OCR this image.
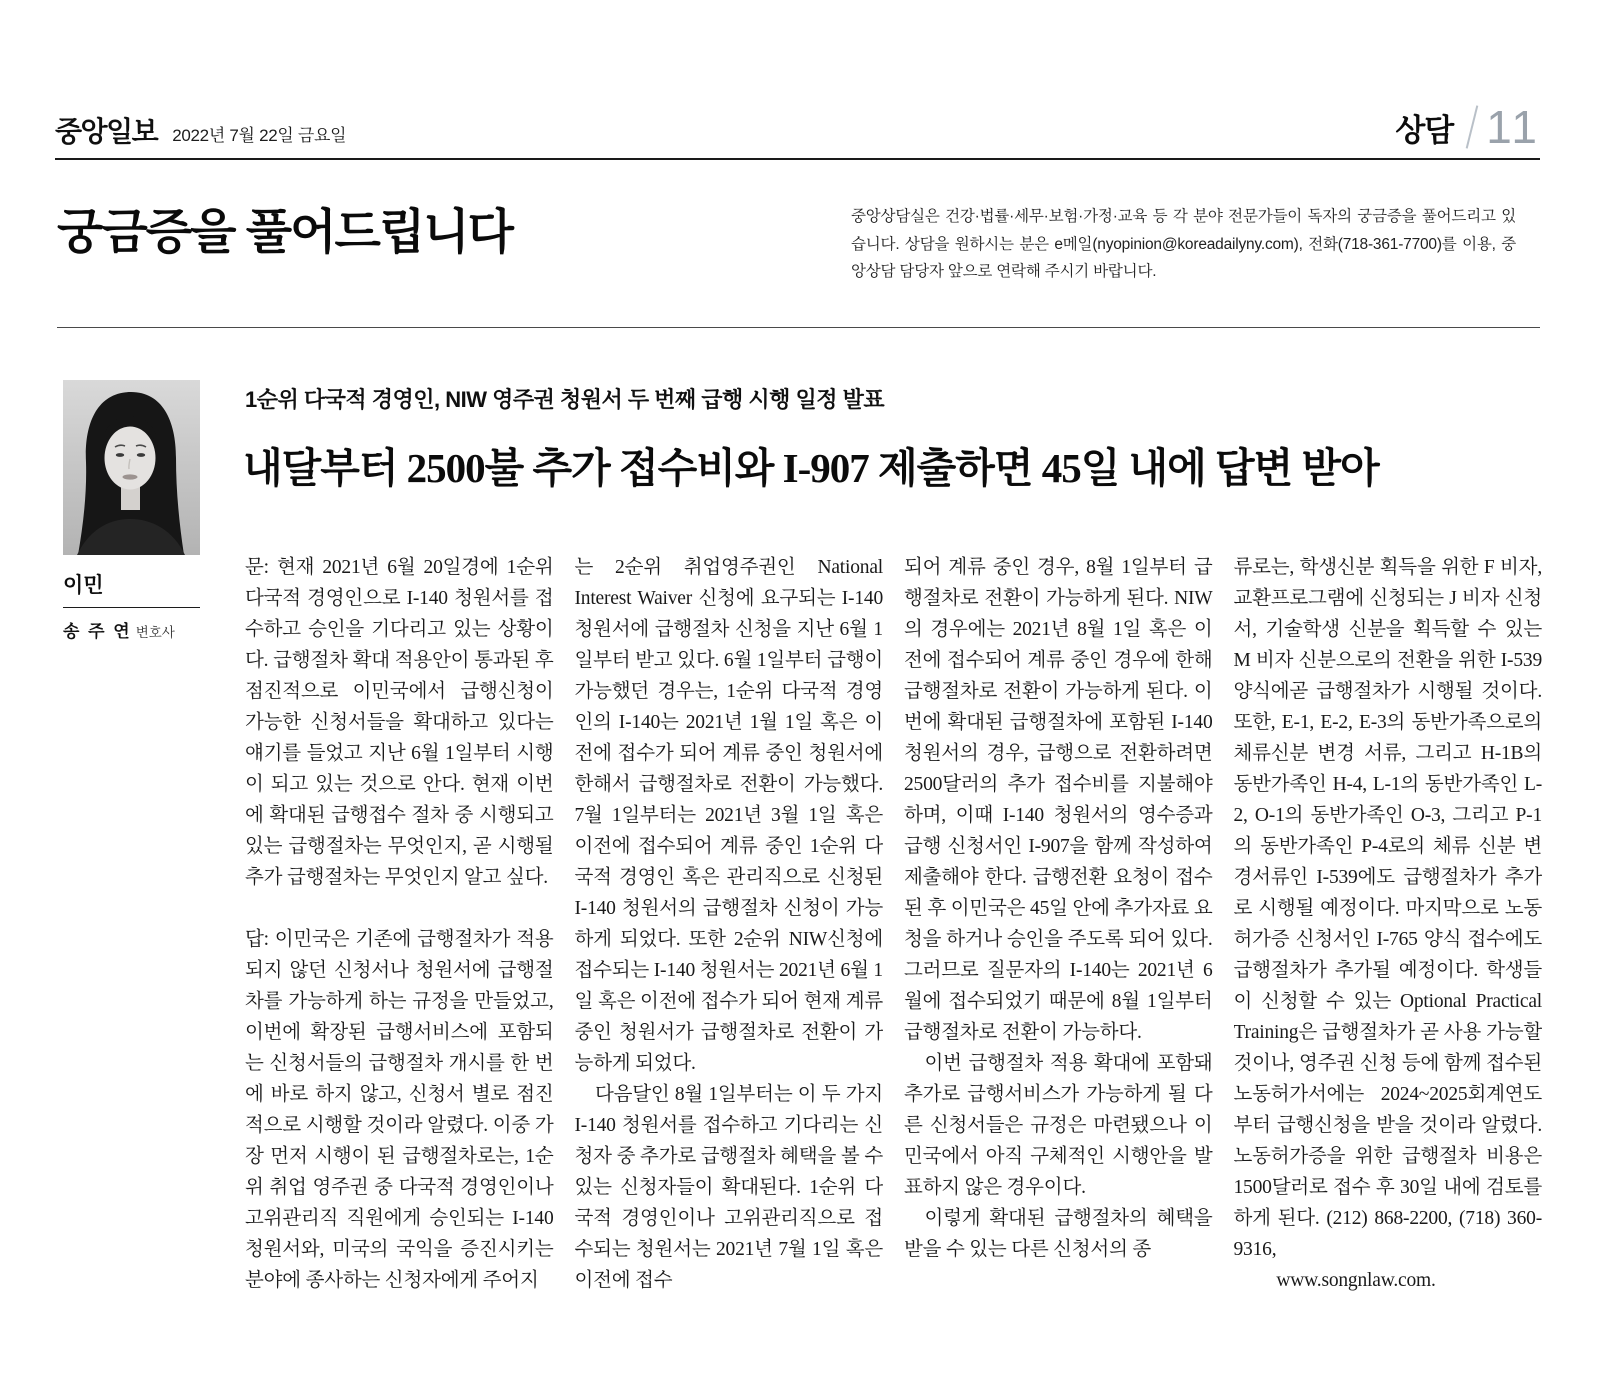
중앙일보 2022년 7월 22일 금요일	상담 11
궁금증을 풀어드립니다	중앙상담실은 건강·법률·세무·보험·가정·교육 등 각 분야 전문가들이 독자의 궁금증을 풀어드리고 있습니다. 상담을 원하시는 분은 e메일(nyopinion@koreadailyny.com), 전화(718-361-7700)를 이용, 중앙상담 담당자 앞으로 연락해 주시기 바랍니다.

이민
송 주 연 변호사

1순위 다국적 경영인, NIW 영주권 청원서 두 번째 급행 시행 일정 발표

내달부터 2500불 추가 접수비와 I-907 제출하면 45일 내에 답변 받아

문: 현재 2021년 6월 20일경에 1순위 다국적 경영인으로 I-140 청원서를 접수하고 승인을 기다리고 있는 상황이다. 급행절차 확대 적용안이 통과된 후 점진적으로 이민국에서 급행신청이 가능한 신청서들을 확대하고 있다는 얘기를 들었고 지난 6월 1일부터 시행이 되고 있는 것으로 안다. 현재 이번에 확대된 급행접수 절차 중 시행되고 있는 급행절차는 무엇인지, 곧 시행될 추가 급행절차는 무엇인지 알고 싶다.

답: 이민국은 기존에 급행절차가 적용되지 않던 신청서나 청원서에 급행절차를 가능하게 하는 규정을 만들었고, 이번에 확장된 급행서비스에 포함되는 신청서들의 급행절차 개시를 한 번에 바로 하지 않고, 신청서 별로 점진적으로 시행할 것이라 알렸다. 이중 가장 먼저 시행이 된 급행절차로는, 1순위 취업 영주권 중 다국적 경영인이나 고위관리직 직원에게 승인되는 I-140 청원서와, 미국의 국익을 증진시키는 분야에 종사하는 신청자에게 주어지

는 2순위 취업영주권인 National Interest Waiver 신청에 요구되는 I-140 청원서에 급행절차 신청을 지난 6월 1일부터 받고 있다. 6월 1일부터 급행이 가능했던 경우는, 1순위 다국적 경영인의 I-140는 2021년 1월 1일 혹은 이전에 접수가 되어 계류 중인 청원서에 한해서 급행절차로 전환이 가능했다. 7월 1일부터는 2021년 3월 1일 혹은 이전에 접수되어 계류 중인 1순위 다국적 경영인 혹은 관리직으로 신청된 I-140 청원서의 급행절차 신청이 가능하게 되었다. 또한 2순위 NIW신청에 접수되는 I-140 청원서는 2021년 6월 1일 혹은 이전에 접수가 되어 현재 계류 중인 청원서가 급행절차로 전환이 가능하게 되었다.

다음달인 8월 1일부터는 이 두 가지 I-140 청원서를 접수하고 기다리는 신청자 중 추가로 급행절차 혜택을 볼 수 있는 신청자들이 확대된다. 1순위 다국적 경영인이나 고위관리직으로 접수되는 청원서는 2021년 7월 1일 혹은 이전에 접수

되어 계류 중인 경우, 8월 1일부터 급행절차로 전환이 가능하게 된다. NIW의 경우에는 2021년 8월 1일 혹은 이전에 접수되어 계류 중인 경우에 한해 급행절차로 전환이 가능하게 된다. 이번에 확대된 급행절차에 포함된 I-140 청원서의 경우, 급행으로 전환하려면 2500달러의 추가 접수비를 지불해야 하며, 이때 I-140 청원서의 영수증과 급행 신청서인 I-907을 함께 작성하여 제출해야 한다. 급행전환 요청이 접수된 후 이민국은 45일 안에 추가자료 요청을 하거나 승인을 주도록 되어 있다. 그러므로 질문자의 I-140는 2021년 6월에 접수되었기 때문에 8월 1일부터 급행절차로 전환이 가능하다.

이번 급행절차 적용 확대에 포함돼 추가로 급행서비스가 가능하게 될 다른 신청서들은 규정은 마련됐으나 이민국에서 아직 구체적인 시행안을 발표하지 않은 경우이다.

이렇게 확대된 급행절차의 혜택을 받을 수 있는 다른 신청서의 종

류로는, 학생신분 획득을 위한 F 비자, 교환프로그램에 신청되는 J 비자 신청서, 기술학생 신분을 획득할 수 있는 M 비자 신분으로의 전환을 위한 I-539 양식에곧 급행절차가 시행될 것이다. 또한, E-1, E-2, E-3의 동반가족으로의 체류신분 변경 서류, 그리고 H-1B의 동반가족인 H-4, L-1의 동반가족인 L-2, O-1의 동반가족인 O-3, 그리고 P-1의 동반가족인 P-4로의 체류 신분 변경서류인 I-539에도 급행절차가 추가로 시행될 예정이다. 마지막으로 노동허가증 신청서인 I-765 양식 접수에도 급행절차가 추가될 예정이다. 학생들이 신청할 수 있는 Optional Practical Training은 급행절차가 곧 사용 가능할 것이나, 영주권 신청 등에 함께 접수된 노동허가서에는 2024~2025회계연도부터 급행신청을 받을 것이라 알렸다. 노동허가증을 위한 급행절차 비용은 1500달러로 접수 후 30일 내에 검토를 하게 된다. (212) 868-2200, (718) 360-9316,

www.songnlaw.com.
